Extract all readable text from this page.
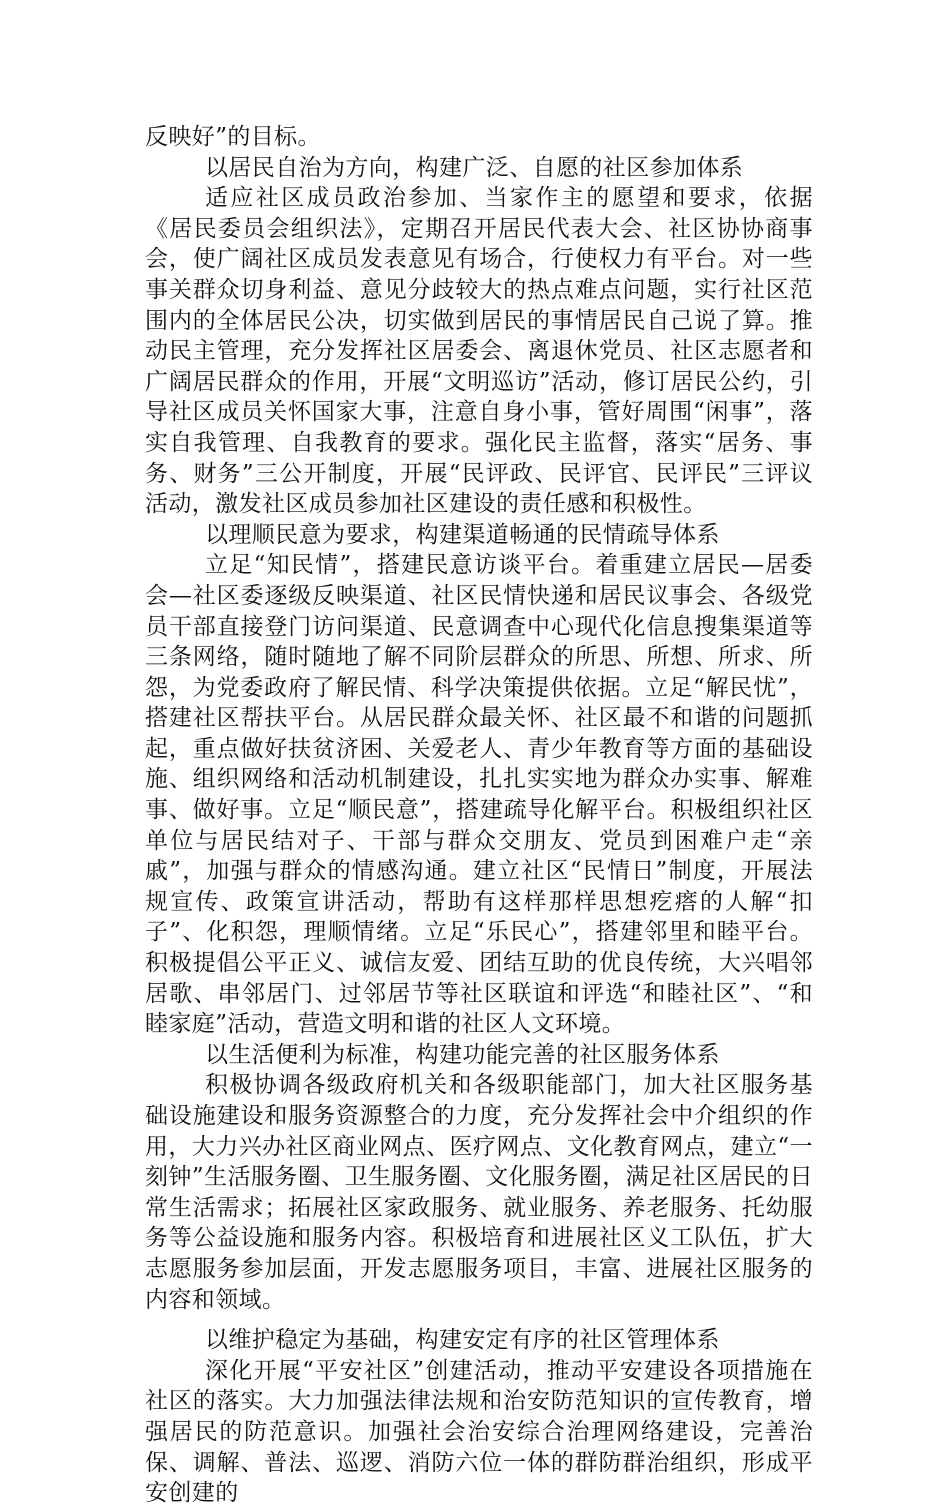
反映好”的目标。

以居民自治为方向，构建广泛、自愿的社区参加体系

适应社区成员政治参加、当家作主的愿望和要求，依据《居民委员会组织法》，定期召开居民代表大会、社区协协商事会，使广阔社区成员发表意见有场合，行使权力有平台。对一些事关群众切身利益、意见分歧较大的热点难点问题，实行社区范围内的全体居民公决，切实做到居民的事情居民自己说了算。推动民主管理，充分发挥社区居委会、离退休党员、社区志愿者和广阔居民群众的作用，开展“文明巡访”活动，修订居民公约，引导社区成员关怀国家大事，注意自身小事，管好周围“闲事”，落实自我管理、自我教育的要求。强化民主监督，落实“居务、事务、财务”三公开制度，开展“民评政、民评官、民评民”三评议活动，激发社区成员参加社区建设的责任感和积极性。

以理顺民意为要求，构建渠道畅通的民情疏导体系

立足“知民情”，搭建民意访谈平台。着重建立居民—居委会—社区委逐级反映渠道、社区民情快递和居民议事会、各级党员干部直接登门访问渠道、民意调查中心现代化信息搜集渠道等三条网络，随时随地了解不同阶层群众的所思、所想、所求、所怨，为党委政府了解民情、科学决策提供依据。立足“解民忧”，搭建社区帮扶平台。从居民群众最关怀、社区最不和谐的问题抓起，重点做好扶贫济困、关爱老人、青少年教育等方面的基础设施、组织网络和活动机制建设，扎扎实实地为群众办实事、解难事、做好事。立足“顺民意”，搭建疏导化解平台。积极组织社区单位与居民结对子、干部与群众交朋友、党员到困难户走“亲戚”，加强与群众的情感沟通。建立社区“民情日”制度，开展法规宣传、政策宣讲活动，帮助有这样那样思想疙瘩的人解“扣子”、化积怨，理顺情绪。立足“乐民心”，搭建邻里和睦平台。积极提倡公平正义、诚信友爱、团结互助的优良传统，大兴唱邻居歌、串邻居门、过邻居节等社区联谊和评选“和睦社区”、“和睦家庭”活动，营造文明和谐的社区人文环境。

以生活便利为标准，构建功能完善的社区服务体系

积极协调各级政府机关和各级职能部门，加大社区服务基础设施建设和服务资源整合的力度，充分发挥社会中介组织的作用，大力兴办社区商业网点、医疗网点、文化教育网点，建立“一刻钟”生活服务圈、卫生服务圈、文化服务圈，满足社区居民的日常生活需求；拓展社区家政服务、就业服务、养老服务、托幼服务等公益设施和服务内容。积极培育和进展社区义工队伍，扩大志愿服务参加层面，开发志愿服务项目，丰富、进展社区服务的内容和领域。

以维护稳定为基础，构建安定有序的社区管理体系

深化开展“平安社区”创建活动，推动平安建设各项措施在社区的落实。大力加强法律法规和治安防范知识的宣传教育，增强居民的防范意识。加强社会治安综合治理网络建设，完善治保、调解、普法、巡逻、消防六位一体的群防群治组织，形成平安创建的
